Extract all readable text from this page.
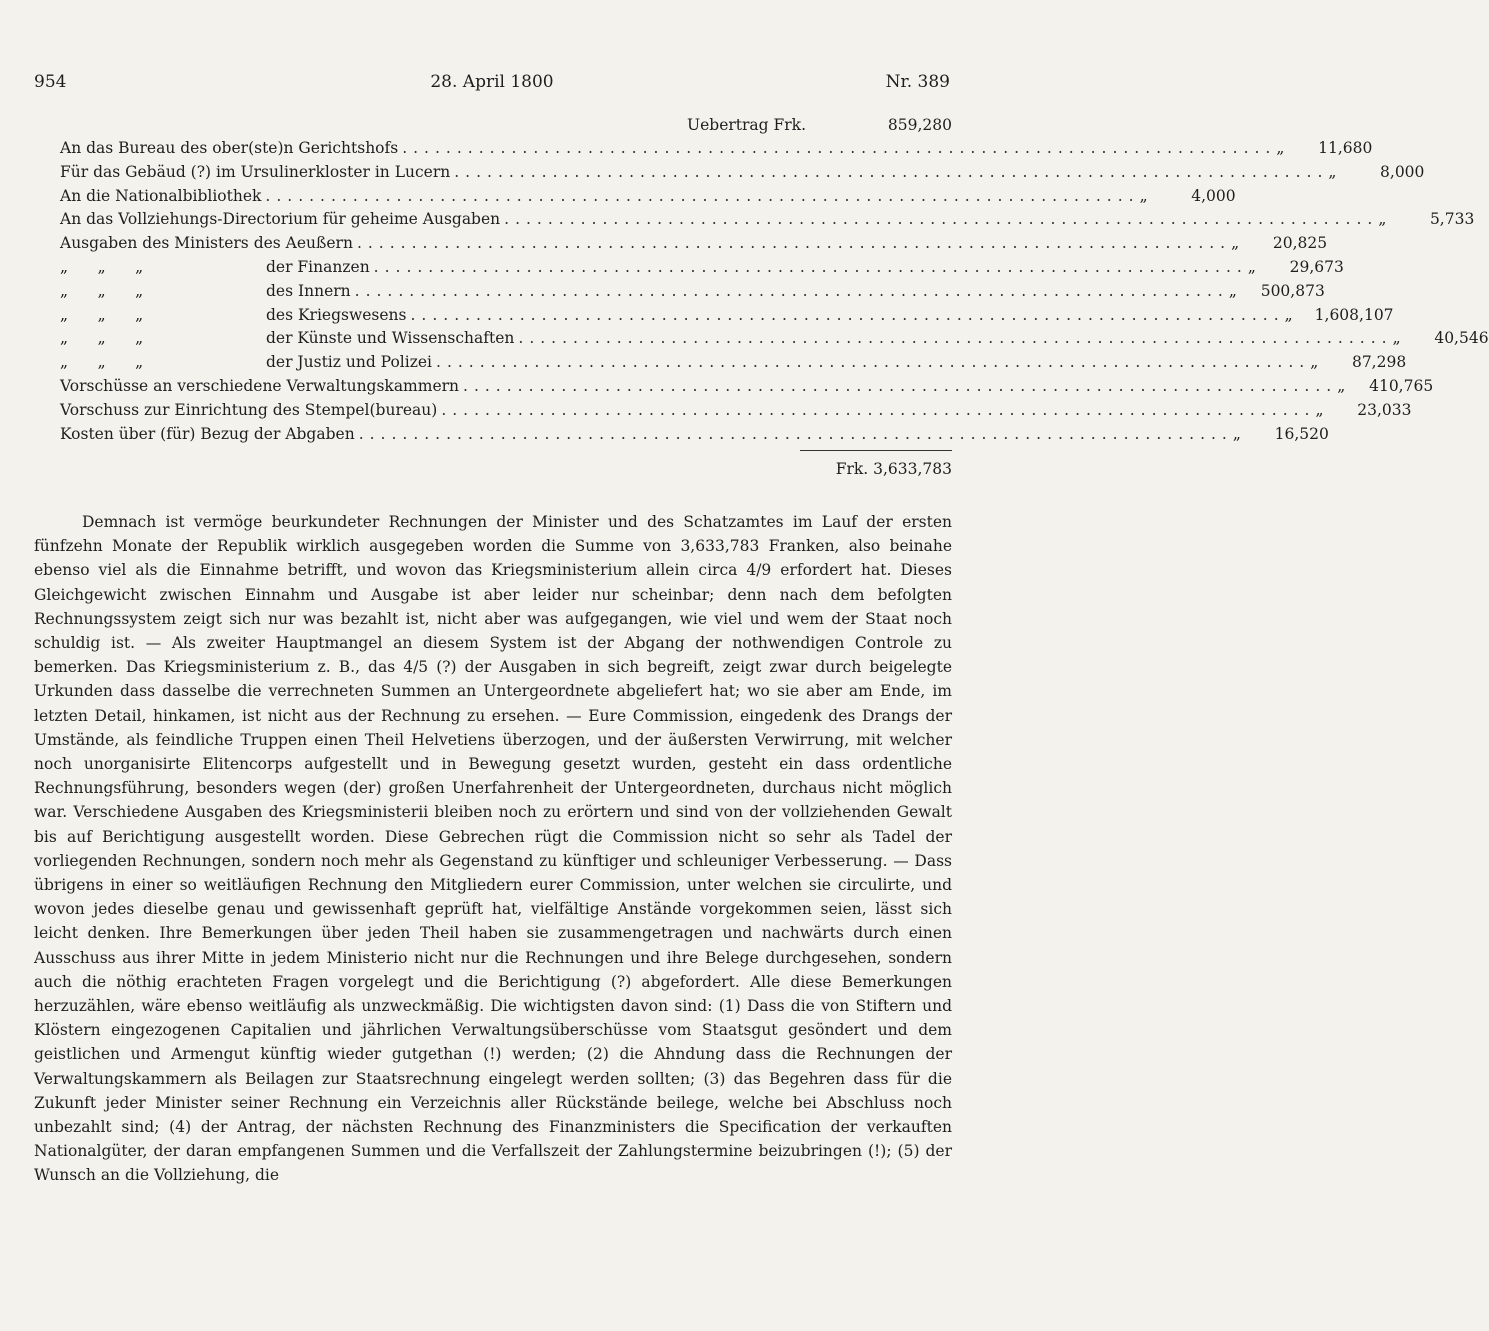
954	28. April 1800	Nr. 389
Uebertrag Frk.	859,280
An das Bureau des ober(ste)n Gerichtshofs ................................................................................ „	11,680
Für das Gebäud (?) im Ursulinerkloster in Lucern ................................................................................ „	8,000
An die Nationalbibliothek ................................................................................ „	4,000
An das Vollziehungs-Directorium für geheime Ausgaben ................................................................................ „	5,733
Ausgaben des Ministers des Aeußern ................................................................................ „	20,825
„      „      „	der Finanzen ................................................................................ „	29,673
„      „      „	des Innern ................................................................................ „	500,873
„      „      „	des Kriegswesens ................................................................................ „	1,608,107
„      „      „	der Künste und Wissenschaften ................................................................................ „	40,546
„      „      „	der Justiz und Polizei ................................................................................ „	87,298
Vorschüsse an verschiedene Verwaltungskammern ................................................................................ „	410,765
Vorschuss zur Einrichtung des Stempel(bureau) ................................................................................ „	23,033
Kosten über (für) Bezug der Abgaben ................................................................................ „	16,520
Frk. 3,633,783

Demnach ist vermöge beurkundeter Rechnungen der Minister und des Schatzamtes im Lauf der ersten fünfzehn Monate der Republik wirklich ausgegeben worden die Summe von 3,633,783 Franken, also beinahe ebenso viel als die Einnahme betrifft, und wovon das Kriegsministerium allein circa 4/9 erfordert hat. Dieses Gleichgewicht zwischen Einnahm und Ausgabe ist aber leider nur scheinbar; denn nach dem befolgten Rechnungssystem zeigt sich nur was bezahlt ist, nicht aber was aufgegangen, wie viel und wem der Staat noch schuldig ist. — Als zweiter Hauptmangel an diesem System ist der Abgang der nothwendigen Controle zu bemerken. Das Kriegsministerium z. B., das 4/5 (?) der Ausgaben in sich begreift, zeigt zwar durch beigelegte Urkunden dass dasselbe die verrechneten Summen an Untergeordnete abgeliefert hat; wo sie aber am Ende, im letzten Detail, hinkamen, ist nicht aus der Rechnung zu ersehen. — Eure Commission, eingedenk des Drangs der Umstände, als feindliche Truppen einen Theil Helvetiens überzogen, und der äußersten Verwirrung, mit welcher noch unorganisirte Elitencorps aufgestellt und in Bewegung gesetzt wurden, gesteht ein dass ordentliche Rechnungsführung, besonders wegen (der) großen Unerfahrenheit der Untergeordneten, durchaus nicht möglich war. Verschiedene Ausgaben des Kriegsministerii bleiben noch zu erörtern und sind von der vollziehenden Gewalt bis auf Berichtigung ausgestellt worden. Diese Gebrechen rügt die Commission nicht so sehr als Tadel der vorliegenden Rechnungen, sondern noch mehr als Gegenstand zu künftiger und schleuniger Verbesserung. — Dass übrigens in einer so weitläufigen Rechnung den Mitgliedern eurer Commission, unter welchen sie circulirte, und wovon jedes dieselbe genau und gewissenhaft geprüft hat, vielfältige Anstände vorgekommen seien, lässt sich leicht denken. Ihre Bemerkungen über jeden Theil haben sie zusammengetragen und nachwärts durch einen Ausschuss aus ihrer Mitte in jedem Ministerio nicht nur die Rechnungen und ihre Belege durchgesehen, sondern auch die nöthig erachteten Fragen vorgelegt und die Berichtigung (?) abgefordert. Alle diese Bemerkungen herzuzählen, wäre ebenso weitläufig als unzweckmäßig. Die wichtigsten davon sind: (1) Dass die von Stiftern und Klöstern eingezogenen Capitalien und jährlichen Verwaltungsüberschüsse vom Staatsgut gesöndert und dem geistlichen und Armengut künftig wieder gutgethan (!) werden; (2) die Ahndung dass die Rechnungen der Verwaltungskammern als Beilagen zur Staatsrechnung eingelegt werden sollten; (3) das Begehren dass für die Zukunft jeder Minister seiner Rechnung ein Verzeichnis aller Rückstände beilege, welche bei Abschluss noch unbezahlt sind; (4) der Antrag, der nächsten Rechnung des Finanzministers die Specification der verkauften Nationalgüter, der daran empfangenen Summen und die Verfallszeit der Zahlungstermine beizubringen (!); (5) der Wunsch an die Vollziehung, die
